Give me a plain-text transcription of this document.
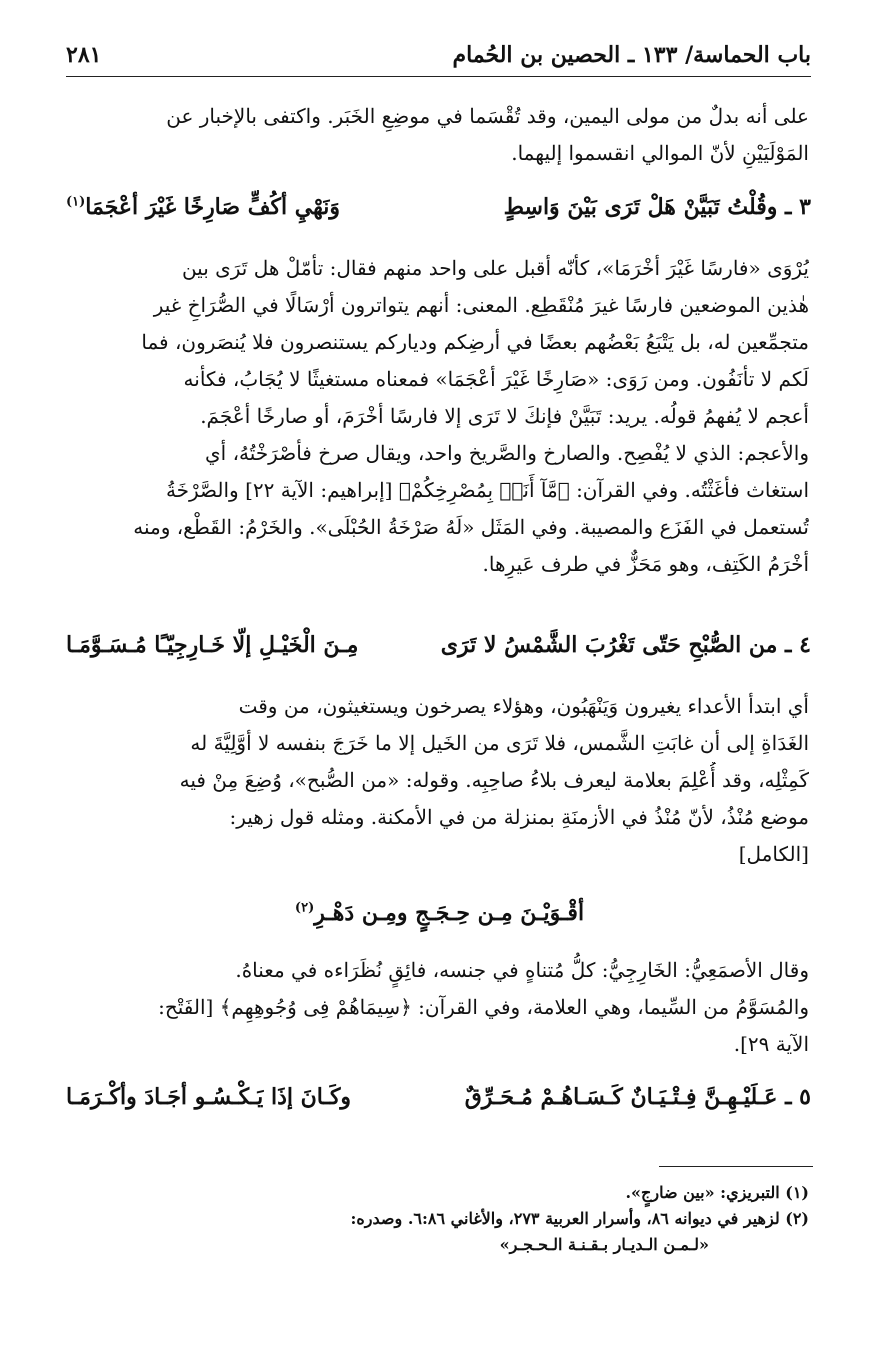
باب الحماسة/ ١٣٣ ـ الحصين بن الحُمام
٢٨١
على أنه بدلٌ من مولى اليمين، وقد تُقْسَما في موضِعِ الخَبَر. واكتفى بالإخبار عن
المَوْلَيَيْنِ لأنّ الموالي انقسموا إليهما.
٣ ـ وقُلْتُ تَبَيَّنْ هَلْ تَرَى بَيْنَ وَاسِطٍ
وَنَهْيِ أكُفٍّ صَارِخًا غَيْرَ أعْجَمَا$^{(١)}$
يُرْوَى «فارسًا غَيْرَ أخْرَمَا»، كأنّه أقبل على واحد منهم فقال: تأمّلْ هل تَرَى بين
هٰذين الموضعين فارسًا غيرَ مُنْقَطِع. المعنى: أنهم يتواترون أرْسَالًا في الصُّرَاخِ غير
متجمِّعين له، بل يَتْبَعُ بَعْضُهم بعضًا في أرضِكم ودياركم يستنصرون فلا يُنصَرون، فما
لَكم لا تأنَفُون. ومن رَوَى: «صَارِخًا غَيْرَ أعْجَمَا» فمعناه مستغيثًا لا يُجَابُ، فكأنه
أعجم لا يُفهمُ قولُه. يريد: تَبَيَّنْ فإنكَ لا تَرَى إلا فارسًا أخْرَمَ، أو صارخًا أعْجَمَ.
والأعجم: الذي لا يُفْصِح. والصارخ والصَّريخ واحد، ويقال صرخ فأصْرَخْتُهُ، أي
استغاث فأغَثْتُه. وفي القرآن: ﴿مَّآ أَنَا۠ بِمُصْرِخِكُمْ﴾ [إبراهيم: الآية ٢٢] والصَّرْخَةُ
تُستعمل في الفَزَع والمصيبة. وفي المَثَل «لَهُ صَرْخَةُ الحُبْلَى». والخَرْمُ: القَطْع، ومنه
أخْرَمُ الكَتِف، وهو مَحَزٌّ في طرف عَيرِها.
٤ ـ من الصُّبْحِ حَتّى تَغْرُبَ الشَّمْسُ لا تَرَى
مِـنَ الْخَيْـلِ إلّا خَـارِجِيّـًا مُـسَـوَّمَـا
أي ابتدأ الأعداء يغيرون وَيَنْهَبُون، وهؤلاء يصرخون ويستغيثون، من وقت
الغَدَاةِ إلى أن غابَتِ الشَّمس، فلا تَرَى من الخَيل إلا ما خَرَجَ بنفسه لا أوَّلِيَّةَ له
كَمِثْلِه، وقد أُعْلِمَ بعلامة ليعرف بلاءُ صاحِبِه. وقوله: «من الصُّبح»، وُضِعَ مِنْ فيه
موضع مُنْذُ، لأنّ مُنْذُ في الأزمنَةِ بمنزلة من في الأمكنة. ومثله قول زهير:
[الكامل]
أقْـوَيْـنَ مِـن حِـجَـجٍ ومِـن دَهْـرِ$^{(٢)}$
وقال الأصمَعِيُّ: الخَارِجِيُّ: كلُّ مُتناهٍ في جنسه، فائِقٍ نُظَرَاءه في معناهُ.
والمُسَوَّمُ من السِّيما، وهي العلامة، وفي القرآن: ﴿سِيمَاهُمْ فِى وُجُوهِهِم﴾ [الفَتْح:
الآية ٢٩].
٥ ـ عَـلَيْـهِـنَّ فِـتْـيَـانٌ كَـسَـاهُـمْ مُـحَـرِّقٌ
وكَـانَ إذَا يَـكْـسُـو أجَـادَ وأكْـرَمَـا
(١) التبريزي: «بين ضارجٍ».
(٢) لزهير في ديوانه ٨٦، وأسرار العربية ٢٧٣، والأغاني ٦:٨٦. وصدره:
«لـمـن الـديـار بـقـنـة الـحـجـر»
